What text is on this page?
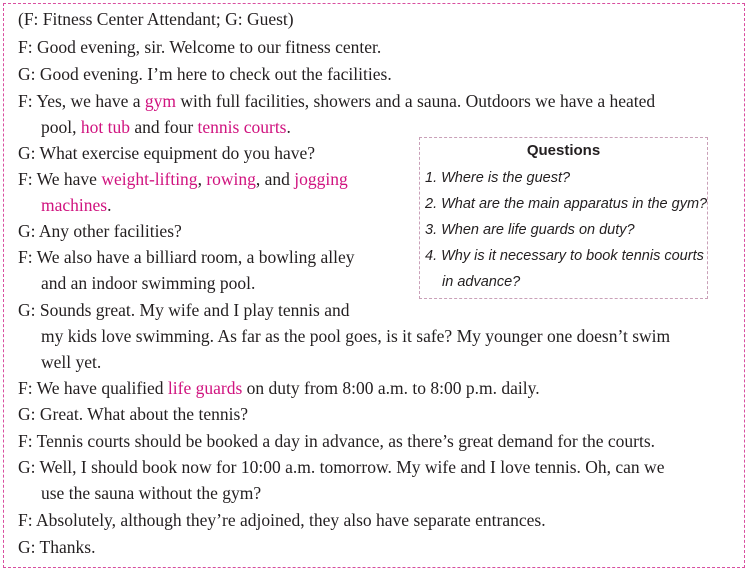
(F: Fitness Center Attendant; G: Guest)
F: Good evening, sir. Welcome to our fitness center.
G: Good evening. I’m here to check out the facilities.
F: Yes, we have a gym with full facilities, showers and a sauna. Outdoors we have a heated
pool, hot tub and four tennis courts.
G: What exercise equipment do you have?
F: We have weight-lifting, rowing, and jogging
machines.
G: Any other facilities?
F: We also have a billiard room, a bowling alley
and an indoor swimming pool.
G: Sounds great. My wife and I play tennis and
my kids love swimming. As far as the pool goes, is it safe? My younger one doesn’t swim
well yet.
F: We have qualified life guards on duty from 8:00 a.m. to 8:00 p.m. daily.
G: Great. What about the tennis?
F: Tennis courts should be booked a day in advance, as there’s great demand for the courts.
G: Well, I should book now for 10:00 a.m. tomorrow. My wife and I love tennis. Oh, can we
use the sauna without the gym?
F: Absolutely, although they’re adjoined, they also have separate entrances.
G: Thanks.
Questions
1. Where is the guest?
2. What are the main apparatus in the gym?
3. When are life guards on duty?
4. Why is it necessary to book tennis courts
in advance?
